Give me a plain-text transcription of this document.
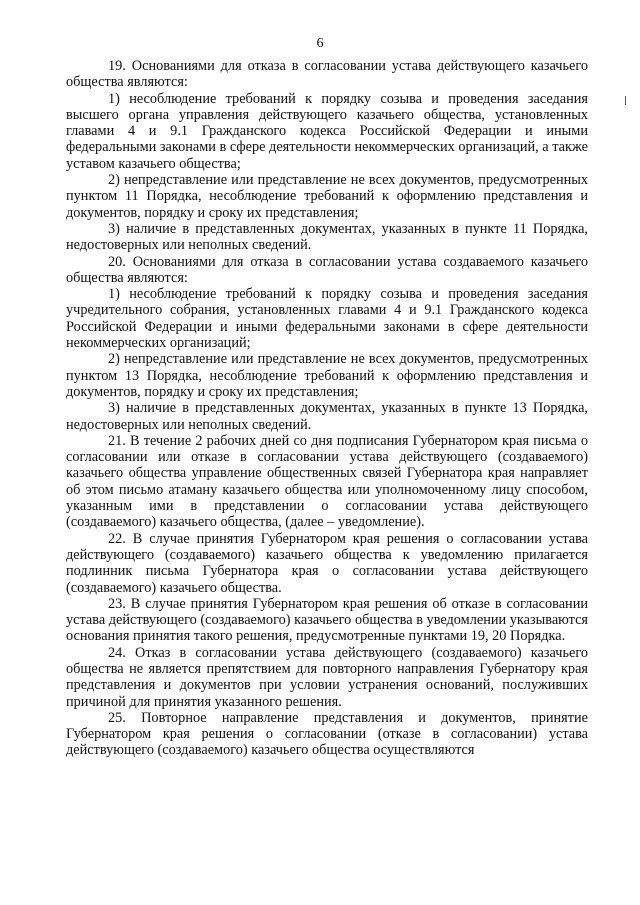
6

19. Основаниями для отказа в согласовании устава действующего казачьего общества являются:

1) несоблюдение требований к порядку созыва и проведения заседания высшего органа управления действующего казачьего общества, установленных главами 4 и 9.1 Гражданского кодекса Российской Федерации и иными федеральными законами в сфере деятельности некоммерческих организаций, а также уставом казачьего общества;

2) непредставление или представление не всех документов, предусмотренных пунктом 11 Порядка, несоблюдение требований к оформлению представления и документов, порядку и сроку их представления;

3) наличие в представленных документах, указанных в пункте 11 Порядка, недостоверных или неполных сведений.

20. Основаниями для отказа в согласовании устава создаваемого казачьего общества являются:

1) несоблюдение требований к порядку созыва и проведения заседания учредительного собрания, установленных главами 4 и 9.1 Гражданского кодекса Российской Федерации и иными федеральными законами в сфере деятельности некоммерческих организаций;

2) непредставление или представление не всех документов, предусмотренных пунктом 13 Порядка, несоблюдение требований к оформлению представления и документов, порядку и сроку их представления;

3) наличие в представленных документах, указанных в пункте 13 Порядка, недостоверных или неполных сведений.

21. В течение 2 рабочих дней со дня подписания Губернатором края письма о согласовании или отказе в согласовании устава действующего (создаваемого) казачьего общества управление общественных связей Губернатора края направляет об этом письмо атаману казачьего общества или уполномоченному лицу способом, указанным ими в представлении о согласовании устава действующего (создаваемого) казачьего общества, (далее – уведомление).

22. В случае принятия Губернатором края решения о согласовании устава действующего (создаваемого) казачьего общества к уведомлению прилагается подлинник письма Губернатора края о согласовании устава действующего (создаваемого) казачьего общества.

23. В случае принятия Губернатором края решения об отказе в согласовании устава действующего (создаваемого) казачьего общества в уведомлении указываются основания принятия такого решения, предусмотренные пунктами 19, 20 Порядка.

24. Отказ в согласовании устава действующего (создаваемого) казачьего общества не является препятствием для повторного направления Губернатору края представления и документов при условии устранения оснований, послуживших причиной для принятия указанного решения.

25. Повторное направление представления и документов, принятие Губернатором края решения о согласовании (отказе в согласовании) устава действующего (создаваемого) казачьего общества осуществляются
